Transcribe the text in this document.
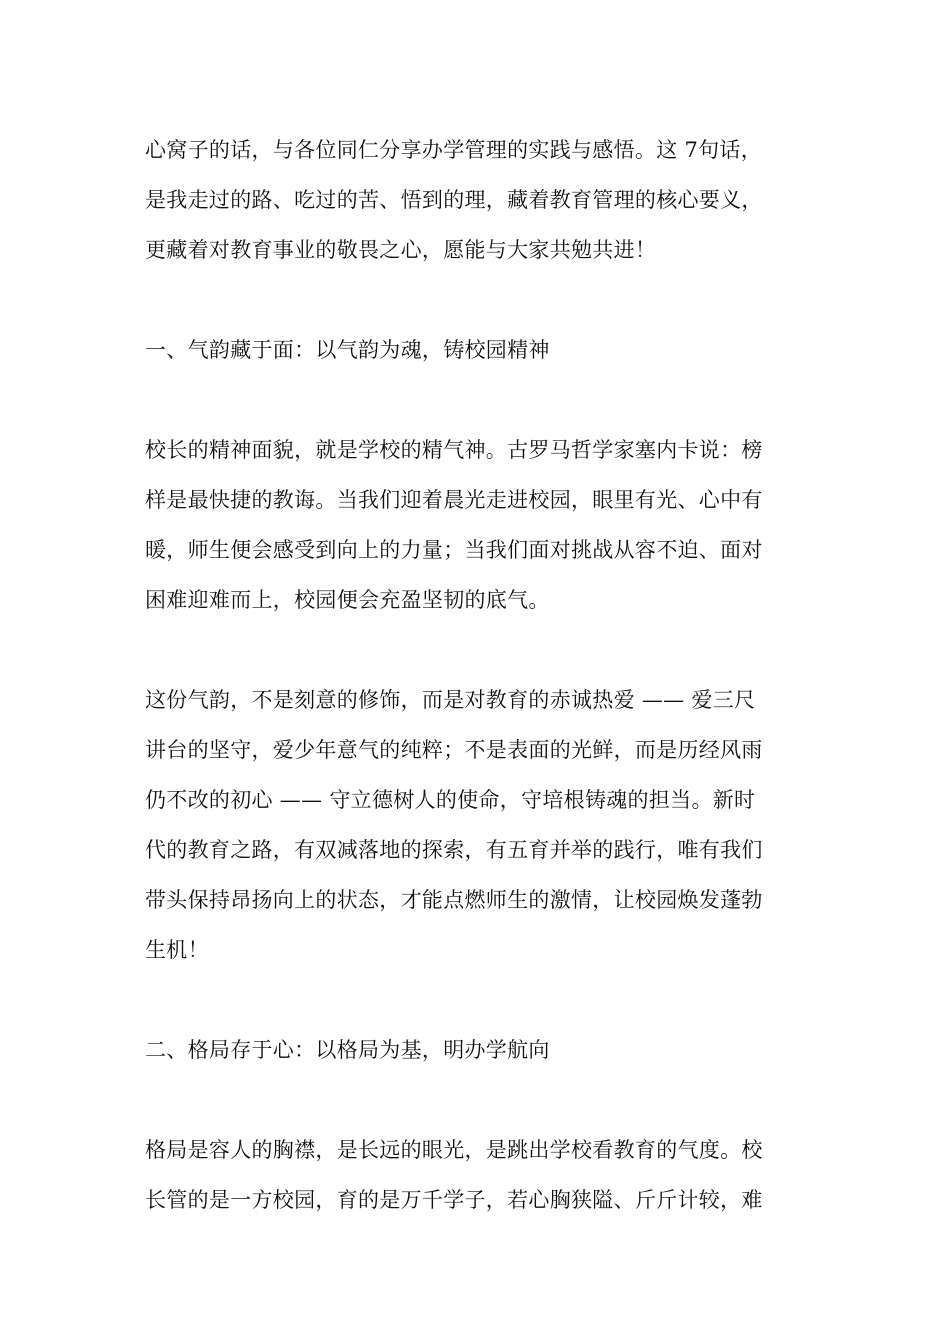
心窝子的话，与各位同仁分享办学管理的实践与感悟。这 7句话，
是我走过的路、吃过的苦、悟到的理，藏着教育管理的核心要义，
更藏着对教育事业的敬畏之心，愿能与大家共勉共进！
一、气韵藏于面：以气韵为魂，铸校园精神
校长的精神面貌，就是学校的精气神。古罗马哲学家塞内卡说：榜
样是最快捷的教诲。当我们迎着晨光走进校园，眼里有光、心中有
暖，师生便会感受到向上的力量；当我们面对挑战从容不迫、面对
困难迎难而上，校园便会充盈坚韧的底气。
这份气韵，不是刻意的修饰，而是对教育的赤诚热爱 —— 爱三尺
讲台的坚守，爱少年意气的纯粹；不是表面的光鲜，而是历经风雨
仍不改的初心 —— 守立德树人的使命，守培根铸魂的担当。新时
代的教育之路，有双减落地的探索，有五育并举的践行，唯有我们
带头保持昂扬向上的状态，才能点燃师生的激情，让校园焕发蓬勃
生机！
二、格局存于心：以格局为基，明办学航向
格局是容人的胸襟，是长远的眼光，是跳出学校看教育的气度。校
长管的是一方校园，育的是万千学子，若心胸狭隘、斤斤计较，难
